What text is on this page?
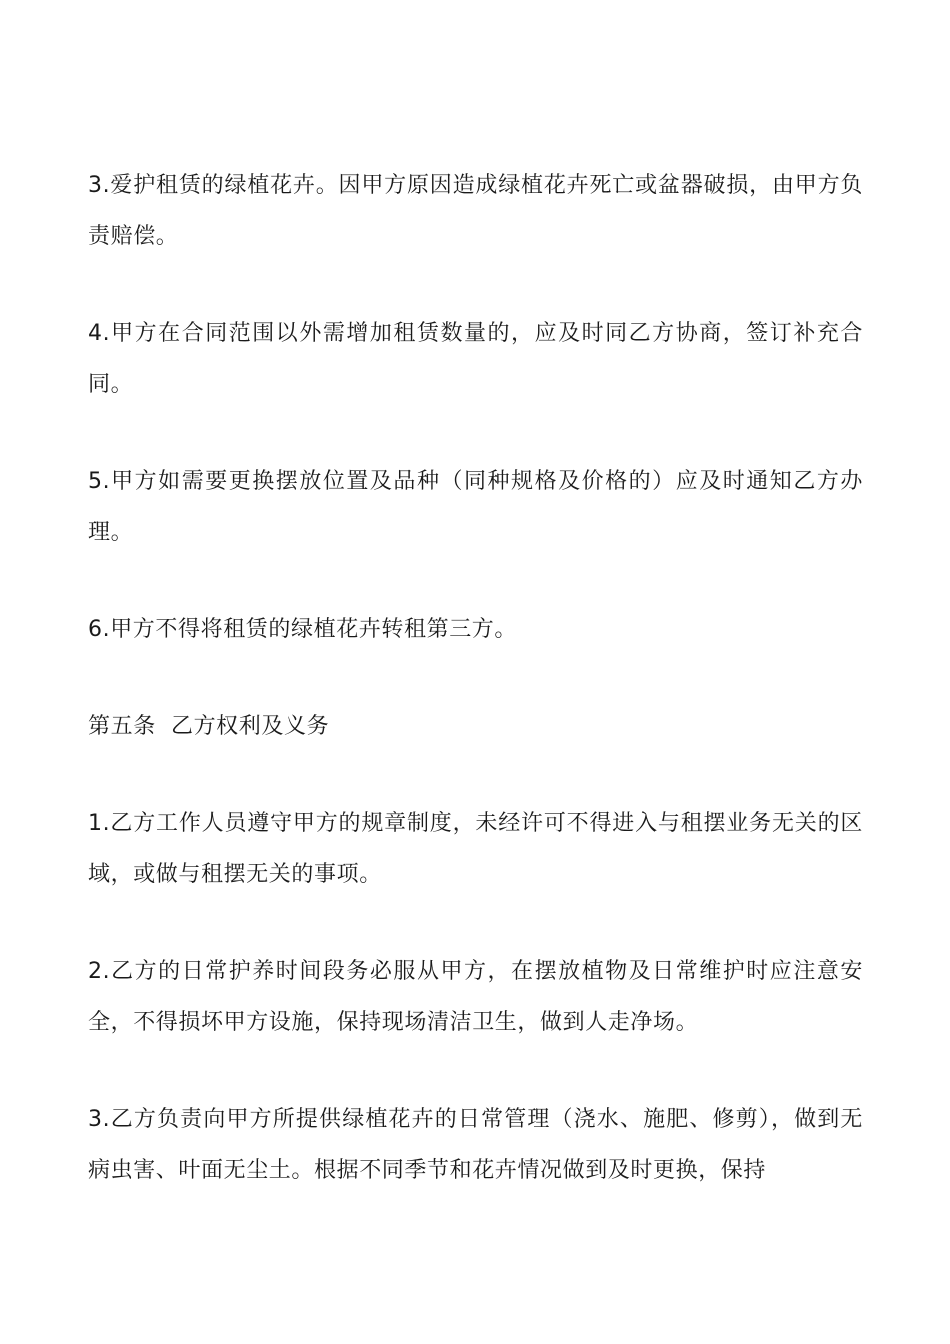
3.爱护租赁的绿植花卉。因甲方原因造成绿植花卉死亡或盆器破损，由甲方负责赔偿。

4.甲方在合同范围以外需增加租赁数量的，应及时同乙方协商，签订补充合同。

5.甲方如需要更换摆放位置及品种（同种规格及价格的）应及时通知乙方办理。

6.甲方不得将租赁的绿植花卉转租第三方。

第五条  乙方权利及义务

1.乙方工作人员遵守甲方的规章制度，未经许可不得进入与租摆业务无关的区域，或做与租摆无关的事项。

2.乙方的日常护养时间段务必服从甲方，在摆放植物及日常维护时应注意安全，不得损坏甲方设施，保持现场清洁卫生，做到人走净场。

3.乙方负责向甲方所提供绿植花卉的日常管理（浇水、施肥、修剪），做到无病虫害、叶面无尘土。根据不同季节和花卉情况做到及时更换，保持
